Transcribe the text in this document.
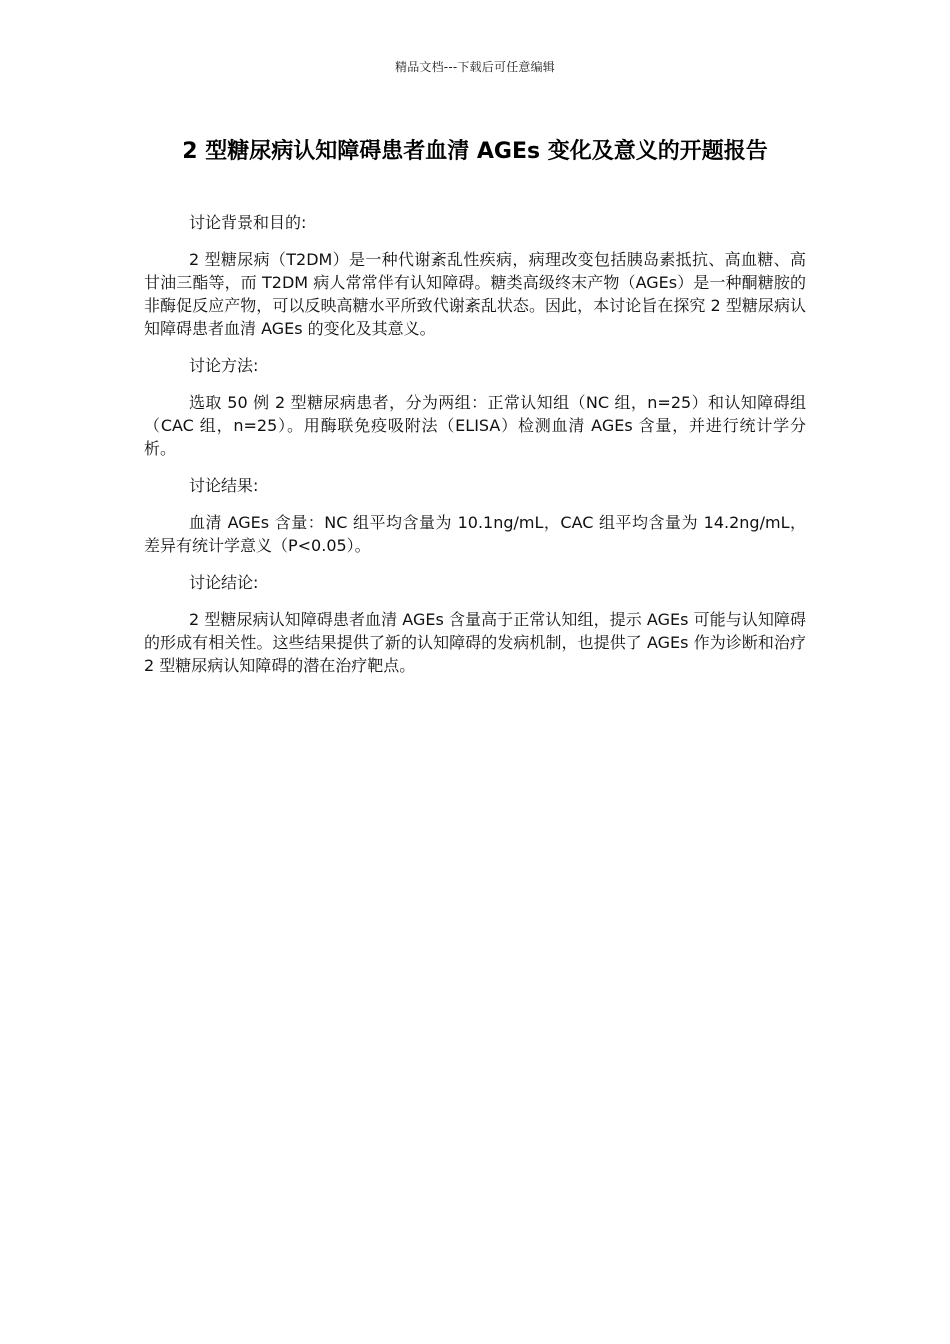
精品文档---下载后可任意编辑
2 型糖尿病认知障碍患者血清 AGEs 变化及意义的开题报告

讨论背景和目的:

2 型糖尿病（T2DM）是一种代谢紊乱性疾病，病理改变包括胰岛素抵抗、高血糖、高甘油三酯等，而 T2DM 病人常常伴有认知障碍。糖类高级终末产物（AGEs）是一种酮糖胺的非酶促反应产物，可以反映高糖水平所致代谢紊乱状态。因此，本讨论旨在探究 2 型糖尿病认知障碍患者血清 AGEs 的变化及其意义。

讨论方法:

选取 50 例 2 型糖尿病患者，分为两组：正常认知组（NC 组，n=25）和认知障碍组（CAC 组，n=25）。用酶联免疫吸附法（ELISA）检测血清 AGEs 含量，并进行统计学分析。

讨论结果:

血清 AGEs 含量：NC 组平均含量为 10.1ng/mL，CAC 组平均含量为 14.2ng/mL，差异有统计学意义（P<0.05）。

讨论结论:

2 型糖尿病认知障碍患者血清 AGEs 含量高于正常认知组，提示 AGEs 可能与认知障碍的形成有相关性。这些结果提供了新的认知障碍的发病机制，也提供了 AGEs 作为诊断和治疗 2 型糖尿病认知障碍的潜在治疗靶点。
